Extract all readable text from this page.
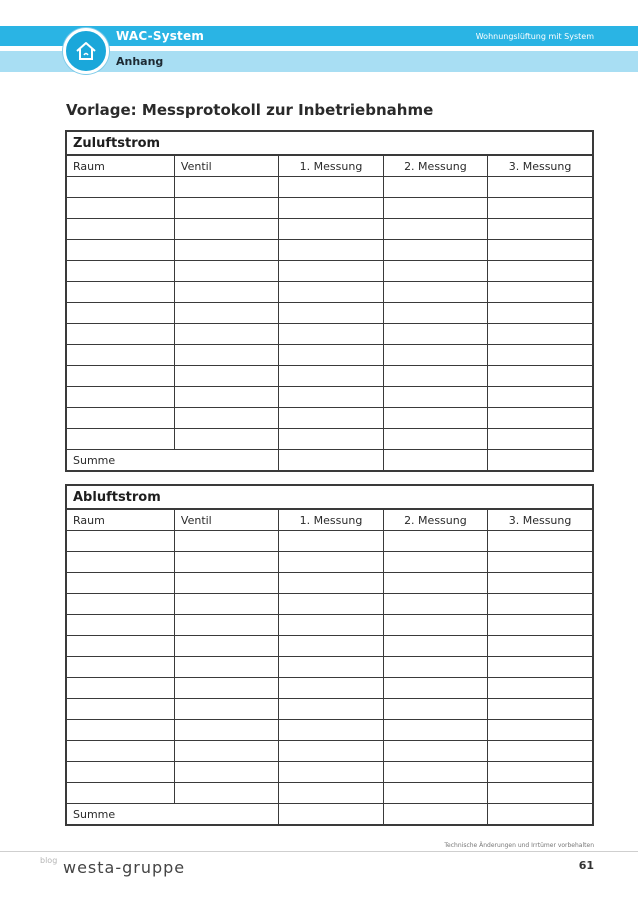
WAC-System	Wohnungslüftung mit System
Anhang
Vorlage: Messprotokoll zur Inbetriebnahme
Zuluftstrom				
Raum	Ventil	1. Messung	2. Messung	3. Messung

Summe				
Abluftstrom				
Raum	Ventil	1. Messung	2. Messung	3. Messung

Summe				
Technische Änderungen und Irrtümer vorbehalten
blog westa-gruppe	61
